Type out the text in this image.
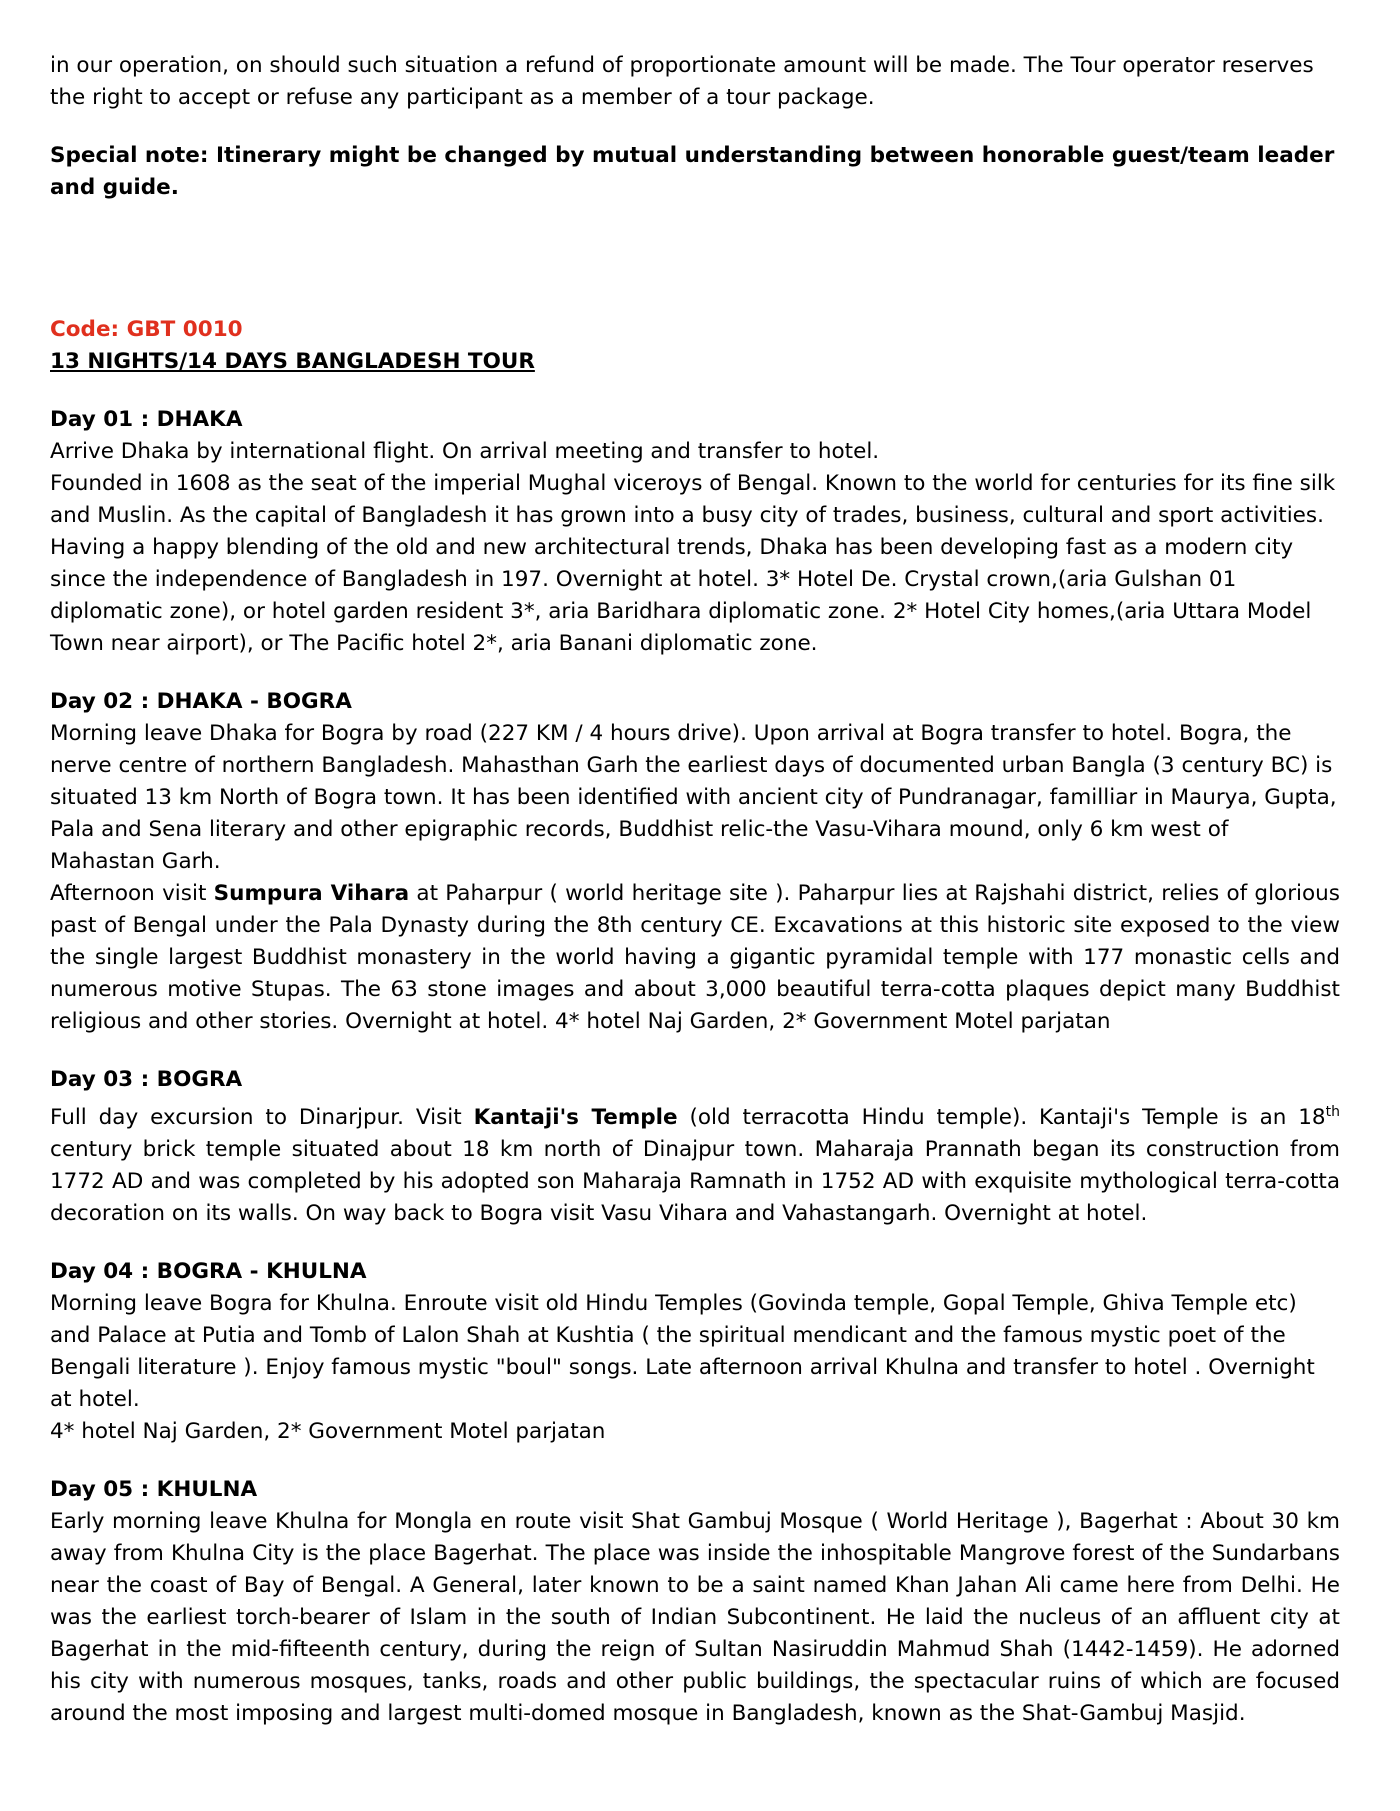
in our operation, on should such situation a refund of proportionate amount will be made. The Tour operator reserves the right to accept or refuse any participant as a member of a tour package.

Special note: Itinerary might be changed by mutual understanding between honorable guest/team leader and guide.

Code: GBT 0010

13 NIGHTS/14 DAYS BANGLADESH TOUR

Day 01 : DHAKA

Arrive Dhaka by international flight. On arrival meeting and transfer to hotel.

Founded in 1608 as the seat of the imperial Mughal viceroys of Bengal. Known to the world for centuries for its fine silk and Muslin. As the capital of Bangladesh it has grown into a busy city of trades, business, cultural and sport activities. Having a happy blending of the old and new architectural trends, Dhaka has been developing fast as a modern city since the independence of Bangladesh in 197. Overnight at hotel. 3* Hotel De. Crystal crown,(aria Gulshan 01 diplomatic zone), or hotel garden resident 3*, aria Baridhara diplomatic zone. 2* Hotel City homes,(aria Uttara Model Town near airport), or The Pacific hotel 2*, aria Banani diplomatic zone.

Day 02 : DHAKA - BOGRA

Morning leave Dhaka for Bogra by road (227 KM / 4 hours drive). Upon arrival at Bogra transfer to hotel. Bogra, the nerve centre of northern Bangladesh. Mahasthan Garh the earliest days of documented urban Bangla (3 century BC) is situated 13 km North of Bogra town. It has been identified with ancient city of Pundranagar, familliar in Maurya, Gupta, Pala and Sena literary and other epigraphic records, Buddhist relic-the Vasu-Vihara mound, only 6 km west of Mahastan Garh.

Afternoon visit Sumpura Vihara at Paharpur ( world heritage site ). Paharpur lies at Rajshahi district, relies of glorious past of Bengal under the Pala Dynasty during the 8th century CE. Excavations at this historic site exposed to the view the single largest Buddhist monastery in the world having a gigantic pyramidal temple with 177 monastic cells and numerous motive Stupas. The 63 stone images and about 3,000 beautiful terra-cotta plaques depict many Buddhist religious and other stories. Overnight at hotel. 4* hotel Naj Garden, 2* Government Motel parjatan

Day 03 : BOGRA

Full day excursion to Dinarjpur. Visit Kantaji's Temple (old terracotta Hindu temple). Kantaji's Temple is an 18th century brick temple situated about 18 km north of Dinajpur town. Maharaja Prannath began its construction from 1772 AD and was completed by his adopted son Maharaja Ramnath in 1752 AD with exquisite mythological terra-cotta decoration on its walls. On way back to Bogra visit Vasu Vihara and Vahastangarh. Overnight at hotel.

Day 04 : BOGRA - KHULNA

Morning leave Bogra for Khulna. Enroute visit old Hindu Temples (Govinda temple, Gopal Temple, Ghiva Temple etc) and Palace at Putia and Tomb of Lalon Shah at Kushtia ( the spiritual mendicant and the famous mystic poet of the Bengali literature ). Enjoy famous mystic "boul" songs. Late afternoon arrival Khulna and transfer to hotel . Overnight at hotel.

4* hotel Naj Garden, 2* Government Motel parjatan

Day 05 : KHULNA

Early morning leave Khulna for Mongla en route visit Shat Gambuj Mosque ( World Heritage ), Bagerhat : About 30 km away from Khulna City is the place Bagerhat. The place was inside the inhospitable Mangrove forest of the Sundarbans near the coast of Bay of Bengal. A General, later known to be a saint named Khan Jahan Ali came here from Delhi. He was the earliest torch-bearer of Islam in the south of Indian Subcontinent. He laid the nucleus of an affluent city at Bagerhat in the mid-fifteenth century, during the reign of Sultan Nasiruddin Mahmud Shah (1442-1459). He adorned his city with numerous mosques, tanks, roads and other public buildings, the spectacular ruins of which are focused around the most imposing and largest multi-domed mosque in Bangladesh, known as the Shat-Gambuj Masjid.
